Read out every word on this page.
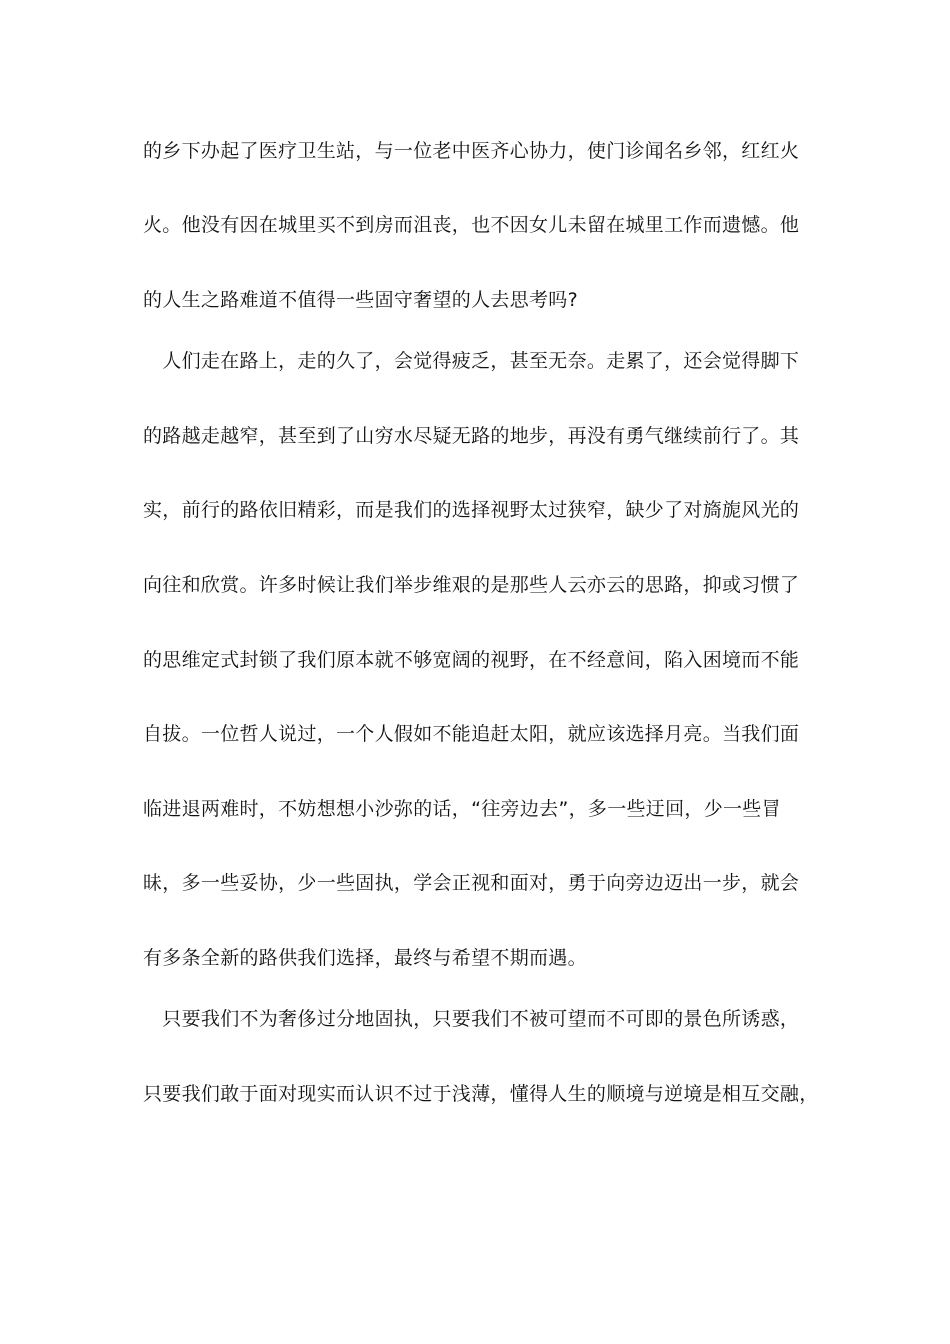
的乡下办起了医疗卫生站，与一位老中医齐心协力，使门诊闻名乡邻，红红火
火。他没有因在城里买不到房而沮丧，也不因女儿未留在城里工作而遗憾。他
的人生之路难道不值得一些固守奢望的人去思考吗?
　人们走在路上，走的久了，会觉得疲乏，甚至无奈。走累了，还会觉得脚下
的路越走越窄，甚至到了山穷水尽疑无路的地步，再没有勇气继续前行了。其
实，前行的路依旧精彩，而是我们的选择视野太过狭窄，缺少了对旖旎风光的
向往和欣赏。许多时候让我们举步维艰的是那些人云亦云的思路，抑或习惯了
的思维定式封锁了我们原本就不够宽阔的视野，在不经意间，陷入困境而不能
自拔。一位哲人说过，一个人假如不能追赶太阳，就应该选择月亮。当我们面
临进退两难时，不妨想想小沙弥的话，“往旁边去”，多一些迂回，少一些冒
昧，多一些妥协，少一些固执，学会正视和面对，勇于向旁边迈出一步，就会
有多条全新的路供我们选择，最终与希望不期而遇。
　只要我们不为奢侈过分地固执，只要我们不被可望而不可即的景色所诱惑，
只要我们敢于面对现实而认识不过于浅薄，懂得人生的顺境与逆境是相互交融，
